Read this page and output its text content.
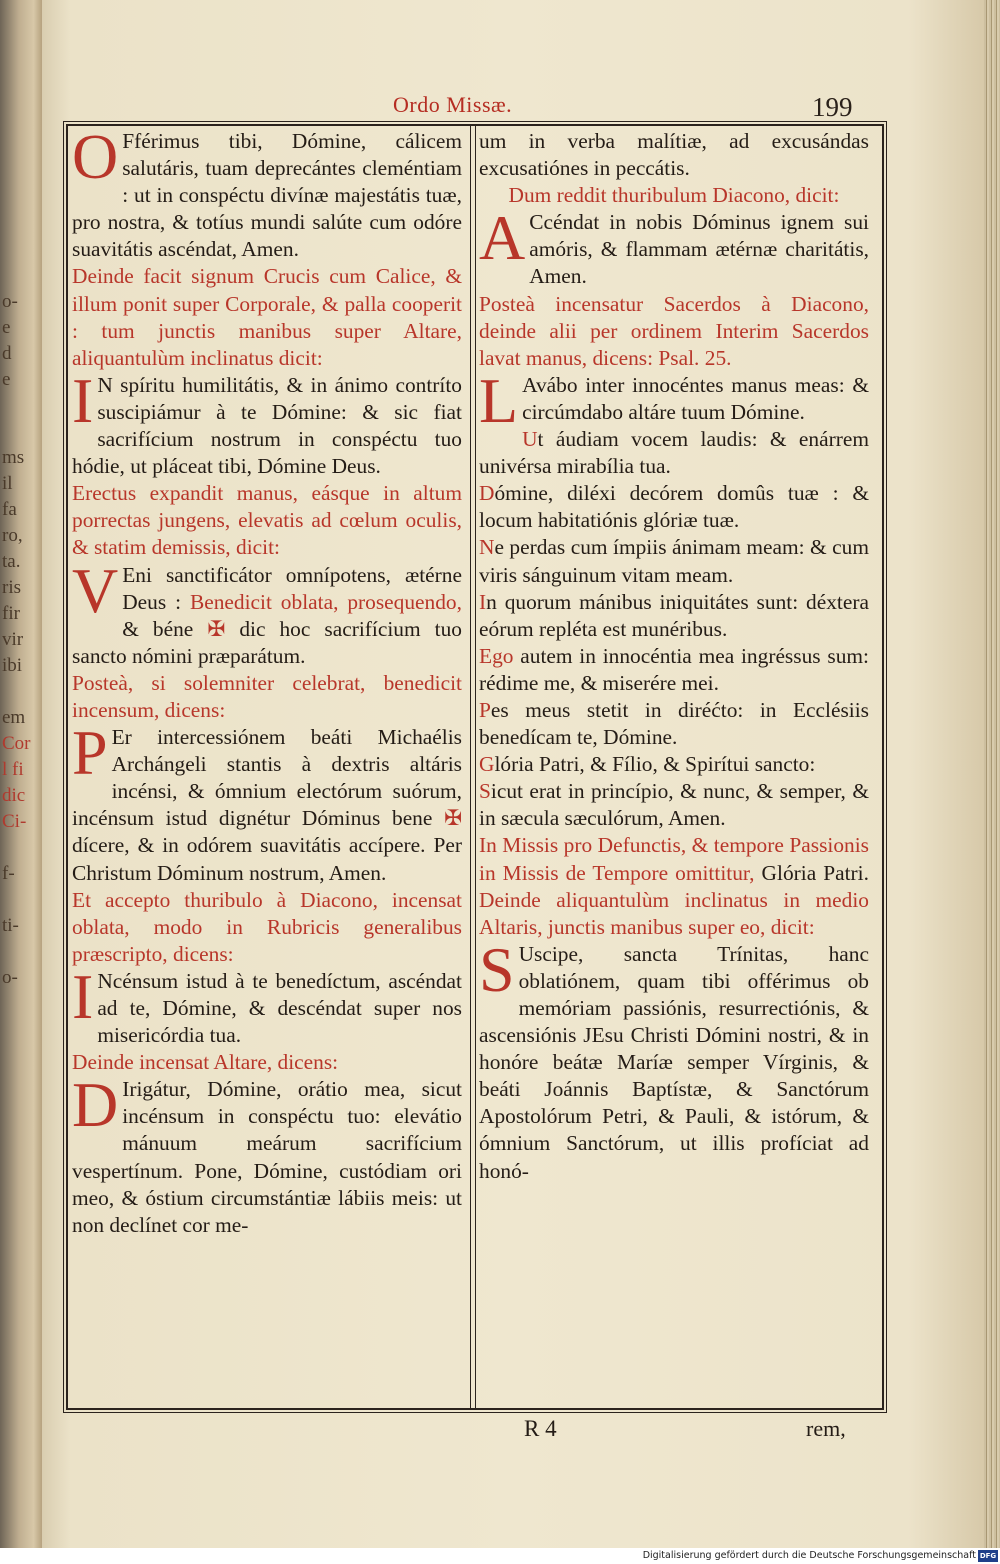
o-
e
d
e
ms
il
fa
ro,
ta.
ris
fir
vir
ibi
em
Cor
l fi
dic
Ci-
f-
ti-
o-
Ordo Missæ.	199

O Fférimus tibi, Dómine, cálicem salutáris, tuam deprecántes cleméntiam : ut in conspéctu divínæ majestátis tuæ, pro nostra, & totíus mundi salúte cum odóre suavitátis ascéndat, Amen.

Deinde facit signum Crucis cum Calice, & illum ponit super Corporale, & palla cooperit : tum junctis manibus super Altare, aliquantulùm inclinatus dicit:

I N spíritu humilitátis, & in ánimo contríto suscipiámur à te Dómine: & sic fiat sacrifícium nostrum in conspéctu tuo hódie, ut pláceat tibi, Dómine Deus.

Erectus expandit manus, eásque in altum porrectas jungens, elevatis ad cœlum oculis, & statim demissis, dicit:

V Eni sanctificátor omnípotens, ætérne Deus : Benedicit oblata, prosequendo, & béne ✠ dic hoc sacrifícium tuo sancto nómini præparátum.

Posteà, si solemniter celebrat, benedicit incensum, dicens:

P Er intercessiónem beáti Michaélis Archángeli stantis à dextris altáris incénsi, & ómnium electórum suórum, incénsum istud dignétur Dóminus bene ✠ dícere, & in odórem suavitátis accípere. Per Christum Dóminum nostrum, Amen.

Et accepto thuribulo à Diacono, incensat oblata, modo in Rubricis generalibus præscripto, dicens:

I Ncénsum istud à te benedíctum, ascéndat ad te, Dómine, & descéndat super nos misericórdia tua.

Deinde incensat Altare, dicens:

D Irigátur, Dómine, orátio mea, sicut incénsum in conspéctu tuo: elevátio mánuum meárum sacrifícium vespertínum. Pone, Dómine, custódiam ori meo, & óstium circumstántiæ lábiis meis: ut non declínet cor me-

um in verba malítiæ, ad excusándas excusatiónes in peccátis.

Dum reddit thuribulum Diacono, dicit:

A Ccéndat in nobis Dóminus ignem sui amóris, & flammam ætérnæ charitátis, Amen.

Posteà incensatur Sacerdos à Diacono, deinde alii per ordinem Interim Sacerdos lavat manus, dicens: Psal. 25.

L Avábo inter innocéntes manus meas: & circúmdabo altáre tuum Dómine.

Ut áudiam vocem laudis: & enárrem univérsa mirabília tua.

Dómine, diléxi decórem domûs tuæ : & locum habitatiónis glóriæ tuæ.

Ne perdas cum ímpiis ánimam meam: & cum viris sánguinum vitam meam.

In quorum mánibus iniquitátes sunt: déxtera eórum repléta est munéribus.

Ego autem in innocéntia mea ingréssus sum: rédime me, & miserére mei.

Pes meus stetit in diréćto: in Ecclésiis benedícam te, Dómine.

Glória Patri, & Fílio, & Spirítui sancto:

Sicut erat in princípio, & nunc, & semper, & in sæcula sæculórum, Amen.

In Missis pro Defunctis, & tempore Passionis in Missis de Tempore omittitur, Glória Patri. Deinde aliquantulùm inclinatus in medio Altaris, junctis manibus super eo, dicit:

S Uscipe, sancta Trínitas, hanc oblatiónem, quam tibi offérimus ob memóriam passiónis, resurrectiónis, & ascensiónis JEsu Christi Dómini nostri, & in honóre beátæ Maríæ semper Vírginis, & beáti Joánnis Baptístæ, & Sanctórum Apostolórum Petri, & Pauli, & istórum, & ómnium Sanctórum, ut illis profíciat ad honó-

R 4	rem,
Digitalisierung gefördert durch die Deutsche Forschungsgemeinschaft DFG
